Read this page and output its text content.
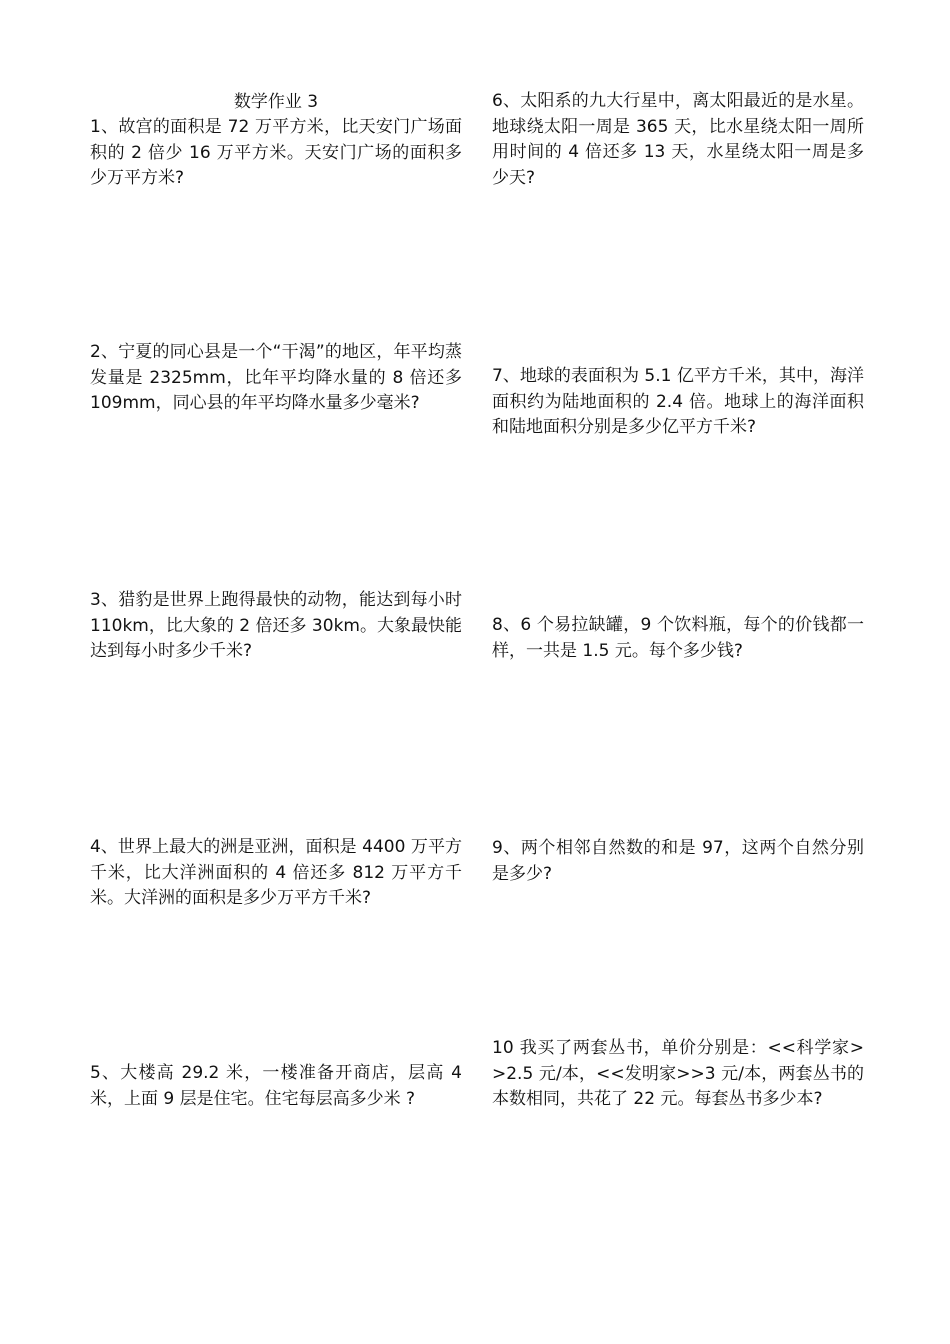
数学作业 3
1、故宫的面积是 72 万平方米，比天安门广场面积的 2 倍少 16 万平方米。天安门广场的面积多少万平方米?
2、宁夏的同心县是一个“干渴”的地区，年平均蒸发量是 2325mm，比年平均降水量的 8 倍还多 109mm，同心县的年平均降水量多少毫米?
3、猎豹是世界上跑得最快的动物，能达到每小时 110km，比大象的 2 倍还多 30km。大象最快能达到每小时多少千米?
4、世界上最大的洲是亚洲，面积是 4400 万平方千米，比大洋洲面积的 4 倍还多 812 万平方千米。大洋洲的面积是多少万平方千米?
5、大楼高 29.2 米，一楼准备开商店，层高 4 米，上面 9 层是住宅。住宅每层高多少米 ?
6、太阳系的九大行星中，离太阳最近的是水星。地球绕太阳一周是 365 天，比水星绕太阳一周所用时间的 4 倍还多 13 天，水星绕太阳一周是多少天?
7、地球的表面积为 5.1 亿平方千米，其中，海洋面积约为陆地面积的 2.4 倍。地球上的海洋面积和陆地面积分别是多少亿平方千米?
8、6 个易拉缺罐，9 个饮料瓶，每个的价钱都一样，一共是 1.5 元。每个多少钱?
9、两个相邻自然数的和是 97，这两个自然分别是多少?
10 我买了两套丛书，单价分别是：<<科学家>>2.5 元/本，<<发明家>>3 元/本，两套丛书的本数相同，共花了 22 元。每套丛书多少本?
